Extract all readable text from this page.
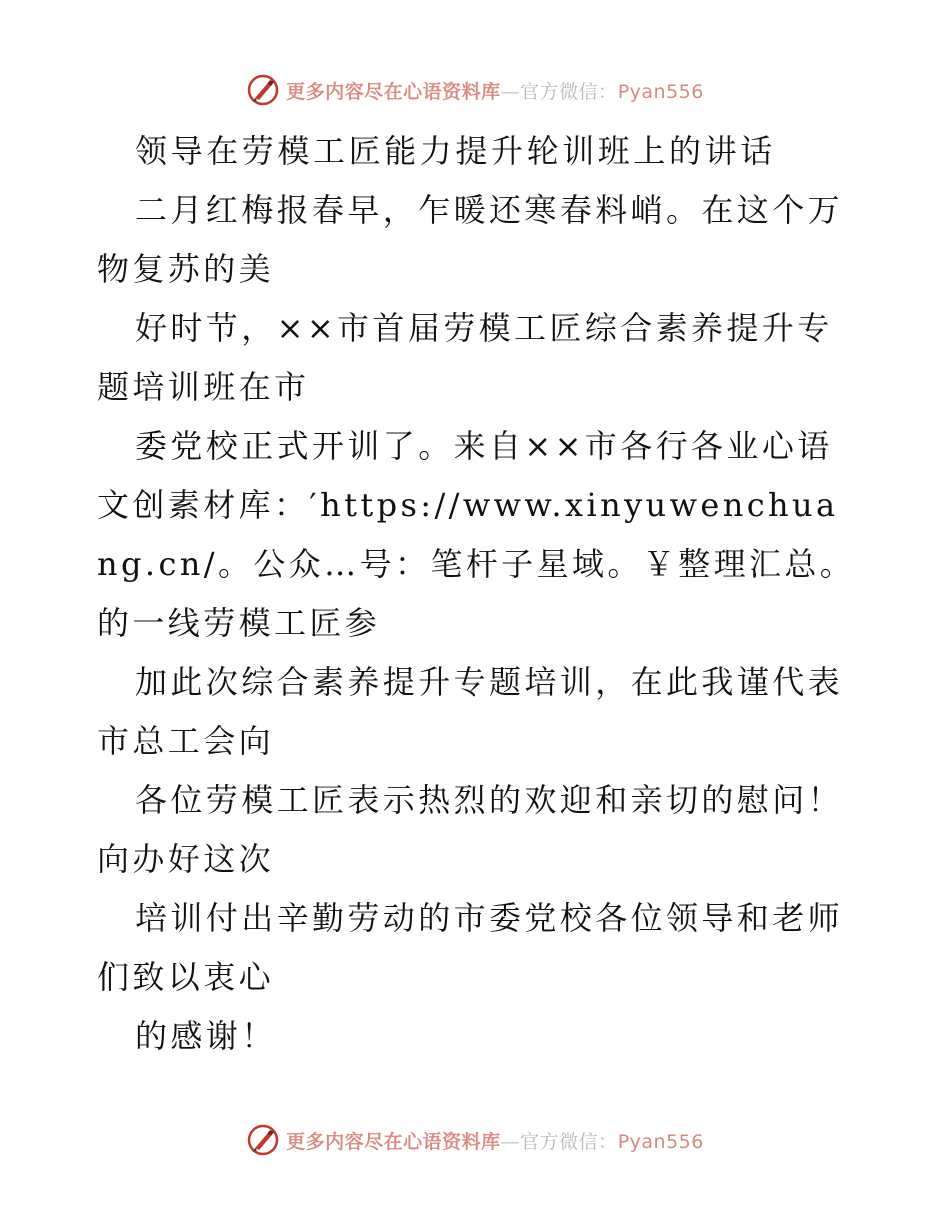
更多内容尽在心语资料库—官方微信：Pyan556

领导在劳模工匠能力提升轮训班上的讲话

二月红梅报春早，乍暖还寒春料峭。在这个万物复苏的美

好时节，××市首届劳模工匠综合素养提升专题培训班在市

委党校正式开训了。来自××市各行各业心语文创素材库：′https://www.xinyuwenchuang.cn/。公众…号：笔杆子星域。￥整理汇总。的一线劳模工匠参

加此次综合素养提升专题培训，在此我谨代表市总工会向

各位劳模工匠表示热烈的欢迎和亲切的慰问！向办好这次

培训付出辛勤劳动的市委党校各位领导和老师们致以衷心

的感谢！

更多内容尽在心语资料库—官方微信：Pyan556
